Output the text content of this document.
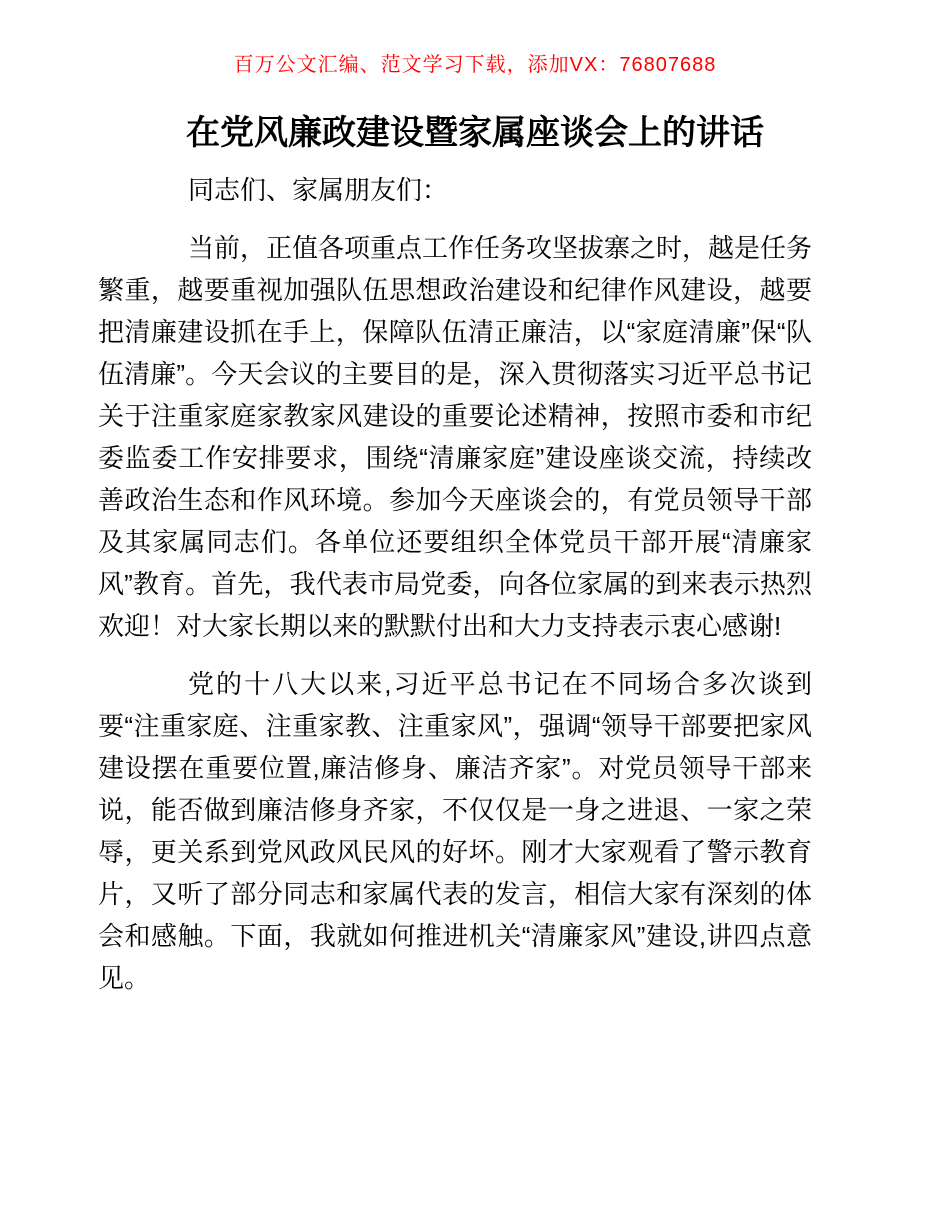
百万公文汇编、范文学习下载，添加VX：76807688
在党风廉政建设暨家属座谈会上的讲话

同志们、家属朋友们：

当前，正值各项重点工作任务攻坚拔寨之时，越是任务繁重，越要重视加强队伍思想政治建设和纪律作风建设，越要把清廉建设抓在手上，保障队伍清正廉洁，以“家庭清廉”保“队伍清廉”。今天会议的主要目的是，深入贯彻落实习近平总书记关于注重家庭家教家风建设的重要论述精神，按照市委和市纪委监委工作安排要求，围绕“清廉家庭”建设座谈交流，持续改善政治生态和作风环境。参加今天座谈会的，有党员领导干部及其家属同志们。各单位还要组织全体党员干部开展“清廉家风”教育。首先，我代表市局党委，向各位家属的到来表示热烈欢迎！对大家长期以来的默默付出和大力支持表示衷心感谢!

党的十八大以来,习近平总书记在不同场合多次谈到要“注重家庭、注重家教、注重家风”，强调“领导干部要把家风建设摆在重要位置,廉洁修身、廉洁齐家”。对党员领导干部来说，能否做到廉洁修身齐家，不仅仅是一身之进退、一家之荣辱，更关系到党风政风民风的好坏。刚才大家观看了警示教育片，又听了部分同志和家属代表的发言，相信大家有深刻的体会和感触。下面，我就如何推进机关“清廉家风”建设,讲四点意见。
